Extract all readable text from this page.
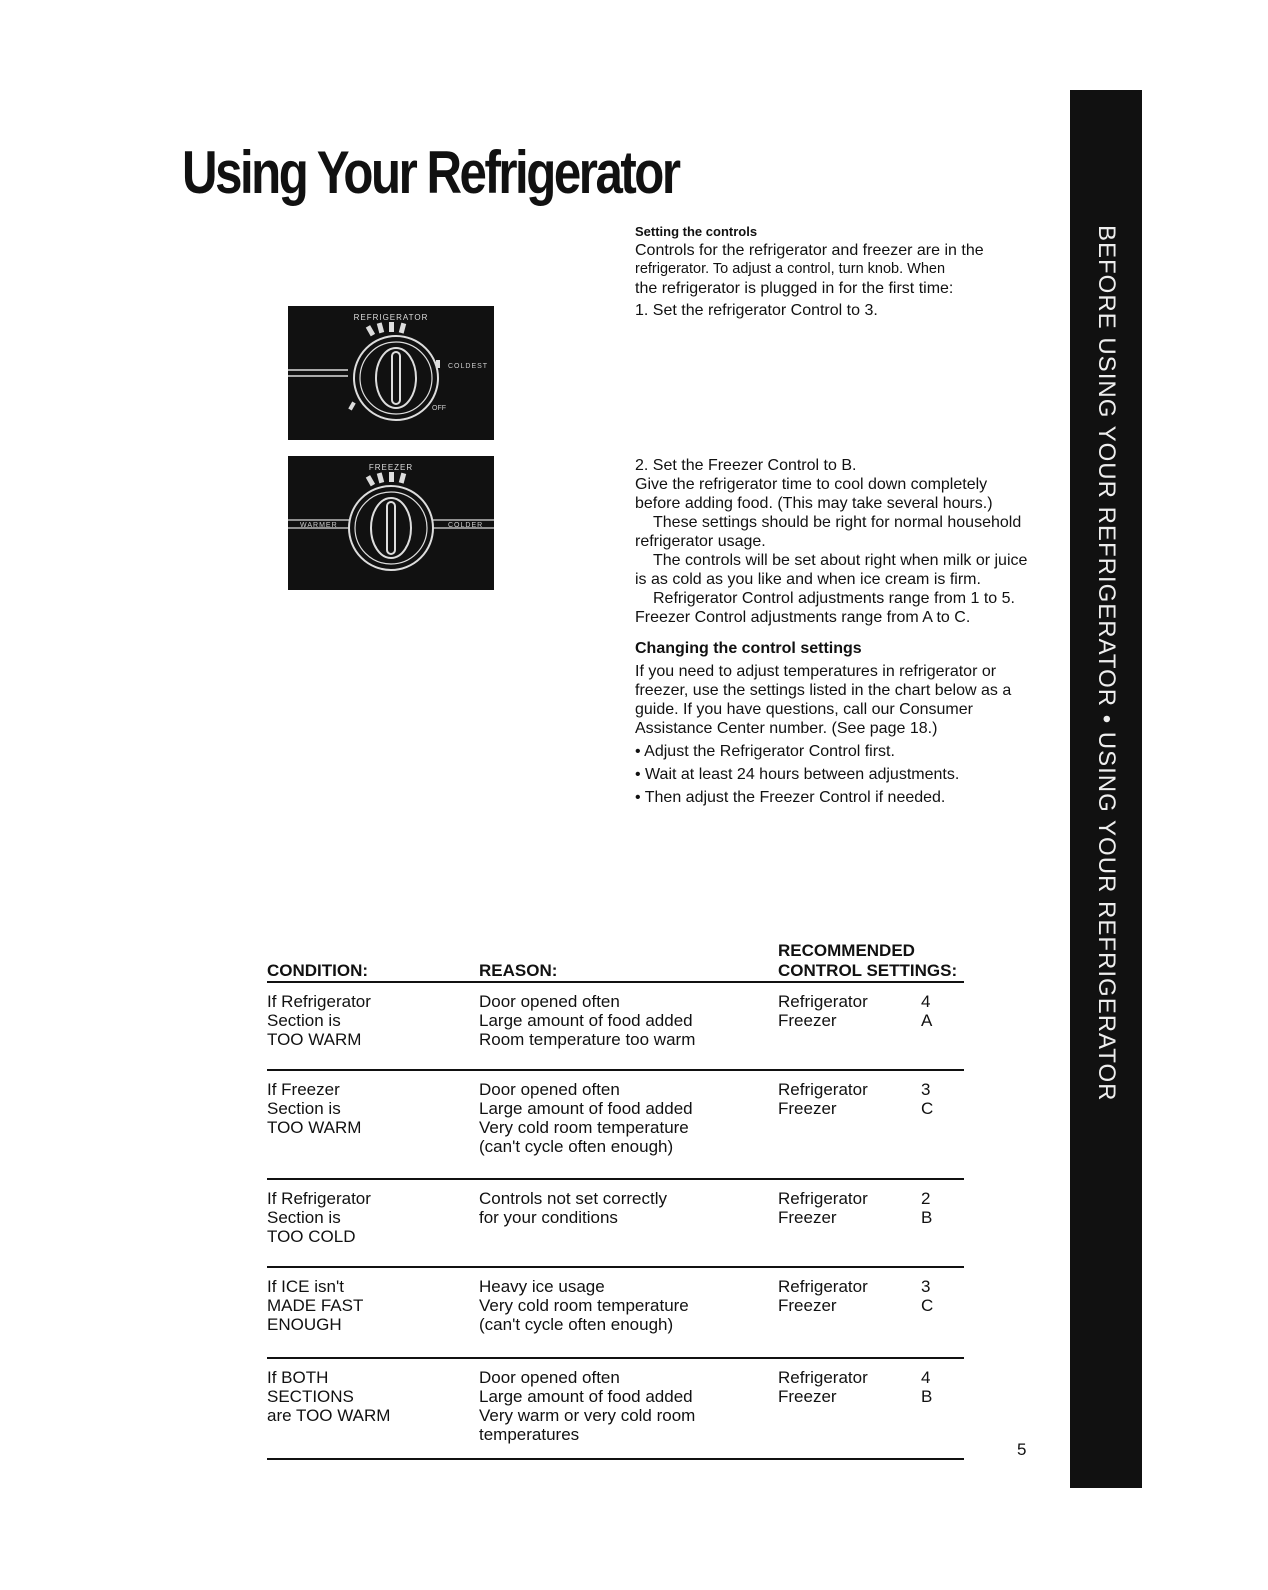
Using Your Refrigerator
BEFORE USING YOUR REFRIGERATOR • USING YOUR REFRIGERATOR
REFRIGERATOR
COLDEST
OFF
FREEZER
WARMER	COLDER

Setting the controls

Controls for the refrigerator and freezer are in the

refrigerator. To adjust a control, turn knob. When

the refrigerator is plugged in for the first time:

1. Set the refrigerator Control to 3.

2. Set the Freezer Control to B.

Give the refrigerator time to cool down completely before adding food. (This may take several hours.)

These settings should be right for normal household refrigerator usage.

The controls will be set about right when milk or juice is as cold as you like and when ice cream is firm.

Refrigerator Control adjustments range from 1 to 5. Freezer Control adjustments range from A to C.

Changing the control settings

If you need to adjust temperatures in refrigerator or freezer, use the settings listed in the chart below as a guide. If you have questions, call our Consumer Assistance Center number. (See page 18.)

• Adjust the Refrigerator Control first.

• Wait at least 24 hours between adjustments.

• Then adjust the Freezer Control if needed.

CONDITION:	REASON:
RECOMMENDED
CONTROL SETTINGS:
If Refrigerator
Section is
TOO WARM
Door opened often
Large amount of food added
Room temperature too warm
Refrigerator
Freezer
4
A
If Freezer
Section is
TOO WARM
Door opened often
Large amount of food added
Very cold room temperature
(can't cycle often enough)
Refrigerator
Freezer
3
C
If Refrigerator
Section is
TOO COLD
Controls not set correctly
for your conditions
Refrigerator
Freezer
2
B
If ICE isn't
MADE FAST
ENOUGH
Heavy ice usage
Very cold room temperature
(can't cycle often enough)
Refrigerator
Freezer
3
C
If BOTH
SECTIONS
are TOO WARM
Door opened often
Large amount of food added
Very warm or very cold room
temperatures
Refrigerator
Freezer
4
B
5
